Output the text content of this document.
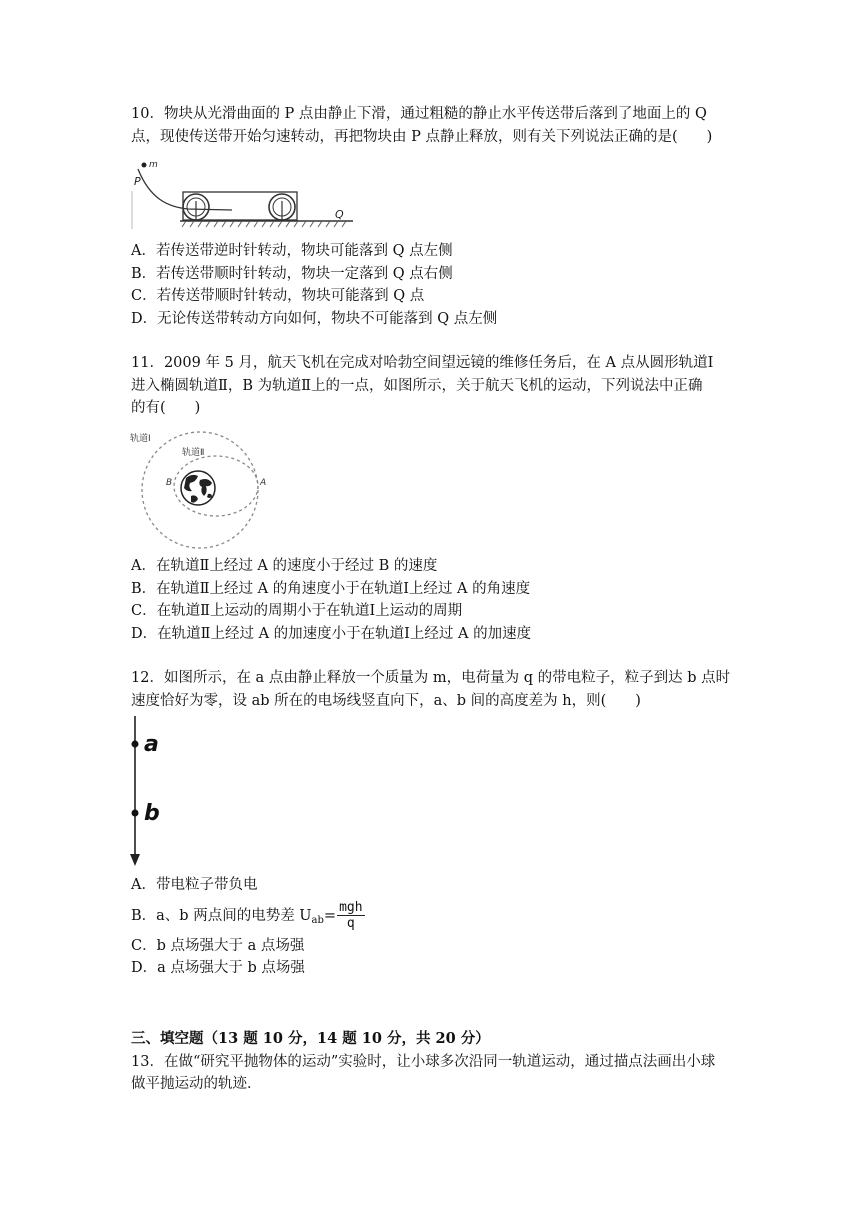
10．物块从光滑曲面的 P 点由静止下滑，通过粗糙的静止水平传送带后落到了地面上的 Q

点，现使传送带开始匀速转动，再把物块由 P 点静止释放，则有关下列说法正确的是(　　)

m
P
Q

A．若传送带逆时针转动，物块可能落到 Q 点左侧

B．若传送带顺时针转动，物块一定落到 Q 点右侧

C．若传送带顺时针转动，物块可能落到 Q 点

D．无论传送带转动方向如何，物块不可能落到 Q 点左侧

11．2009 年 5 月，航天飞机在完成对哈勃空间望远镜的维修任务后，在 A 点从圆形轨道Ⅰ

进入椭圆轨道Ⅱ，B 为轨道Ⅱ上的一点，如图所示，关于航天飞机的运动，下列说法中正确

的有(　　)

轨道Ⅰ
轨道Ⅱ
A
B

A．在轨道Ⅱ上经过 A 的速度小于经过 B 的速度

B．在轨道Ⅱ上经过 A 的角速度小于在轨道Ⅰ上经过 A 的角速度

C．在轨道Ⅱ上运动的周期小于在轨道Ⅰ上运动的周期

D．在轨道Ⅱ上经过 A 的加速度小于在轨道Ⅰ上经过 A 的加速度

12．如图所示，在 a 点由静止释放一个质量为 m，电荷量为 q 的带电粒子，粒子到达 b 点时

速度恰好为零，设 ab 所在的电场线竖直向下，a、b 间的高度差为 h，则(　　)

a
b

A．带电粒子带负电

B．a、b 两点间的电势差 $U_{ab}= \frac{\text{mgh}}{q}$

C．b 点场强大于 a 点场强

D．a 点场强大于 b 点场强

三、填空题（13 题 10 分，14 题 10 分，共 20 分）

13．在做“研究平抛物体的运动”实验时，让小球多次沿同一轨道运动，通过描点法画出小球

做平抛运动的轨迹．
